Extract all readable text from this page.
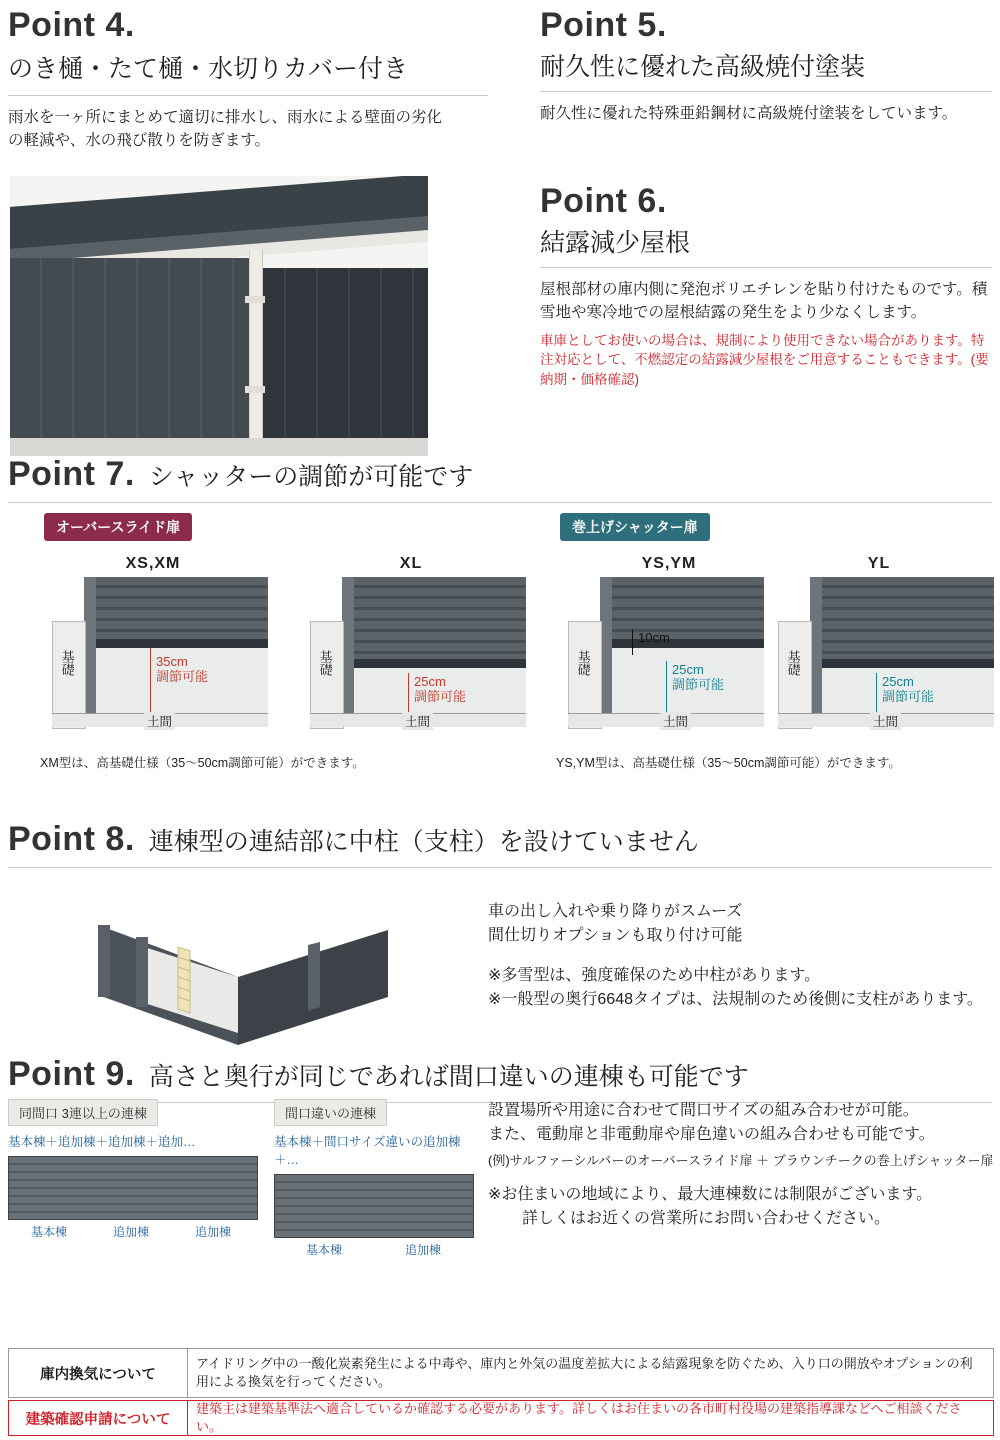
Point 4.
のき樋・たて樋・水切りカバー付き
雨水を一ヶ所にまとめて適切に排水し、雨水による壁面の劣化の軽減や、水の飛び散りを防ぎます。
Point 5.
耐久性に優れた高級焼付塗装
耐久性に優れた特殊亜鉛鋼材に高級焼付塗装をしています。
Point 6.
結露減少屋根
屋根部材の庫内側に発泡ポリエチレンを貼り付けたものです。積雪地や寒冷地での屋根結露の発生をより少なくします。
車庫としてお使いの場合は、規制により使用できない場合があります。特注対応として、不燃認定の結露減少屋根をご用意することもできます。(要納期・価格確認)
Point 7. シャッターの調節が可能です
オーバースライド扉	巻上げシャッター扉
XS,XM
基礎	35cm
調節可能
土間
XL
基礎
25cm
調節可能
土間
YS,YM
基礎
10cm
25cm
調節可能
土間
YL
基礎
25cm
調節可能
土間
XM型は、高基礎仕様（35〜50cm調節可能）ができます。	YS,YM型は、高基礎仕様（35〜50cm調節可能）ができます。
Point 8. 連棟型の連結部に中柱（支柱）を設けていません
車の出し入れや乗り降りがスムーズ
間仕切りオプションも取り付け可能
※多雪型は、強度確保のため中柱があります。
※一般型の奥行6648タイプは、法規制のため後側に支柱があります。
Point 9. 高さと奥行が同じであれば間口違いの連棟も可能です
同間口 3連以上の連棟
基本棟＋追加棟＋追加棟＋追加…
基本棟	追加棟	追加棟
間口違いの連棟
基本棟＋間口サイズ違いの追加棟＋…
基本棟	追加棟
設置場所や用途に合わせて間口サイズの組み合わせが可能。
また、電動扉と非電動扉や扉色違いの組み合わせも可能です。
(例)サルファーシルバーのオーバースライド扉 ＋ ブラウンチークの巻上げシャッター扉
※お住まいの地域により、最大連棟数には制限がございます。
詳しくはお近くの営業所にお問い合わせください。
庫内換気について
アイドリング中の一酸化炭素発生による中毒や、庫内と外気の温度差拡大による結露現象を防ぐため、入り口の開放やオプションの利用による換気を行ってください。
建築確認申請について
建築主は建築基準法へ適合しているか確認する必要があります。詳しくはお住まいの各市町村役場の建築指導課などへご相談ください。
